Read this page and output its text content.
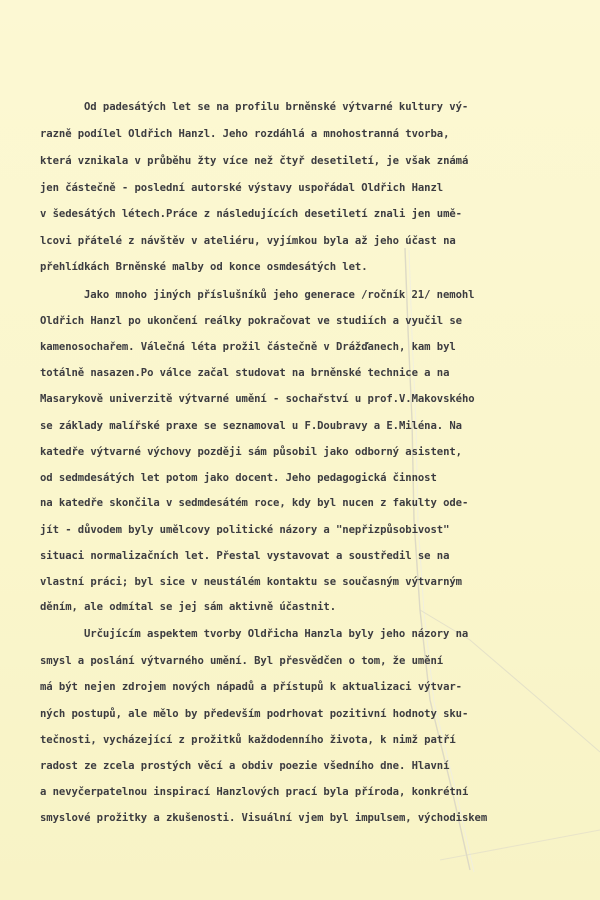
Od padesátých let se na profilu brněnské výtvarné kultury vý-
razně podílel Oldřich Hanzl. Jeho rozdáhlá a mnohostranná tvorba,
která vznikala v průběhu žty více než čtyř desetiletí, je však známá
jen částečně - poslední autorské výstavy uspořádal Oldřich Hanzl
v šedesátých létech.Práce z následujících desetiletí znali jen umě-
lcovi přátelé z návštěv v ateliéru, vyjímkou byla až jeho účast na
přehlídkách Brněnské malby od konce osmdesátých let.
Jako mnoho jiných příslušníků jeho generace /ročník 21/ nemohl
Oldřich Hanzl po ukončení reálky pokračovat ve studiích a vyučil se
kamenosochařem. Válečná léta prožil částečně v Drážďanech, kam byl
totálně nasazen.Po válce začal studovat na brněnské technice a na
Masarykově univerzitě výtvarné umění - sochařství u prof.V.Makovského
se základy malířské praxe se seznamoval u F.Doubravy a E.Miléna. Na
katedře výtvarné výchovy později sám působil jako odborný asistent,
od sedmdesátých let potom jako docent. Jeho pedagogická činnost
na katedře skončila v sedmdesátém roce, kdy byl nucen z fakulty ode-
jít - důvodem byly umělcovy politické názory a "nepřizpůsobivost"
situaci normalizačních let. Přestal vystavovat a soustředil se na
vlastní práci; byl sice v neustálém kontaktu se současným výtvarným
děním, ale odmítal se jej sám aktivně účastnit.
Určujícím aspektem tvorby Oldřicha Hanzla byly jeho názory na
smysl a poslání výtvarného umění. Byl přesvědčen o tom, že umění
má být nejen zdrojem nových nápadů a přístupů k aktualizaci výtvar-
ných postupů, ale mělo by především podrhovat pozitivní hodnoty sku-
tečnosti, vycházející z prožitků každodenního života, k nimž patří
radost ze zcela prostých věcí a obdiv poezie všedního dne. Hlavní
a nevyčerpatelnou inspirací Hanzlových prací byla příroda, konkrétní
smyslové prožitky a zkušenosti. Visuální vjem byl impulsem, východiskem
